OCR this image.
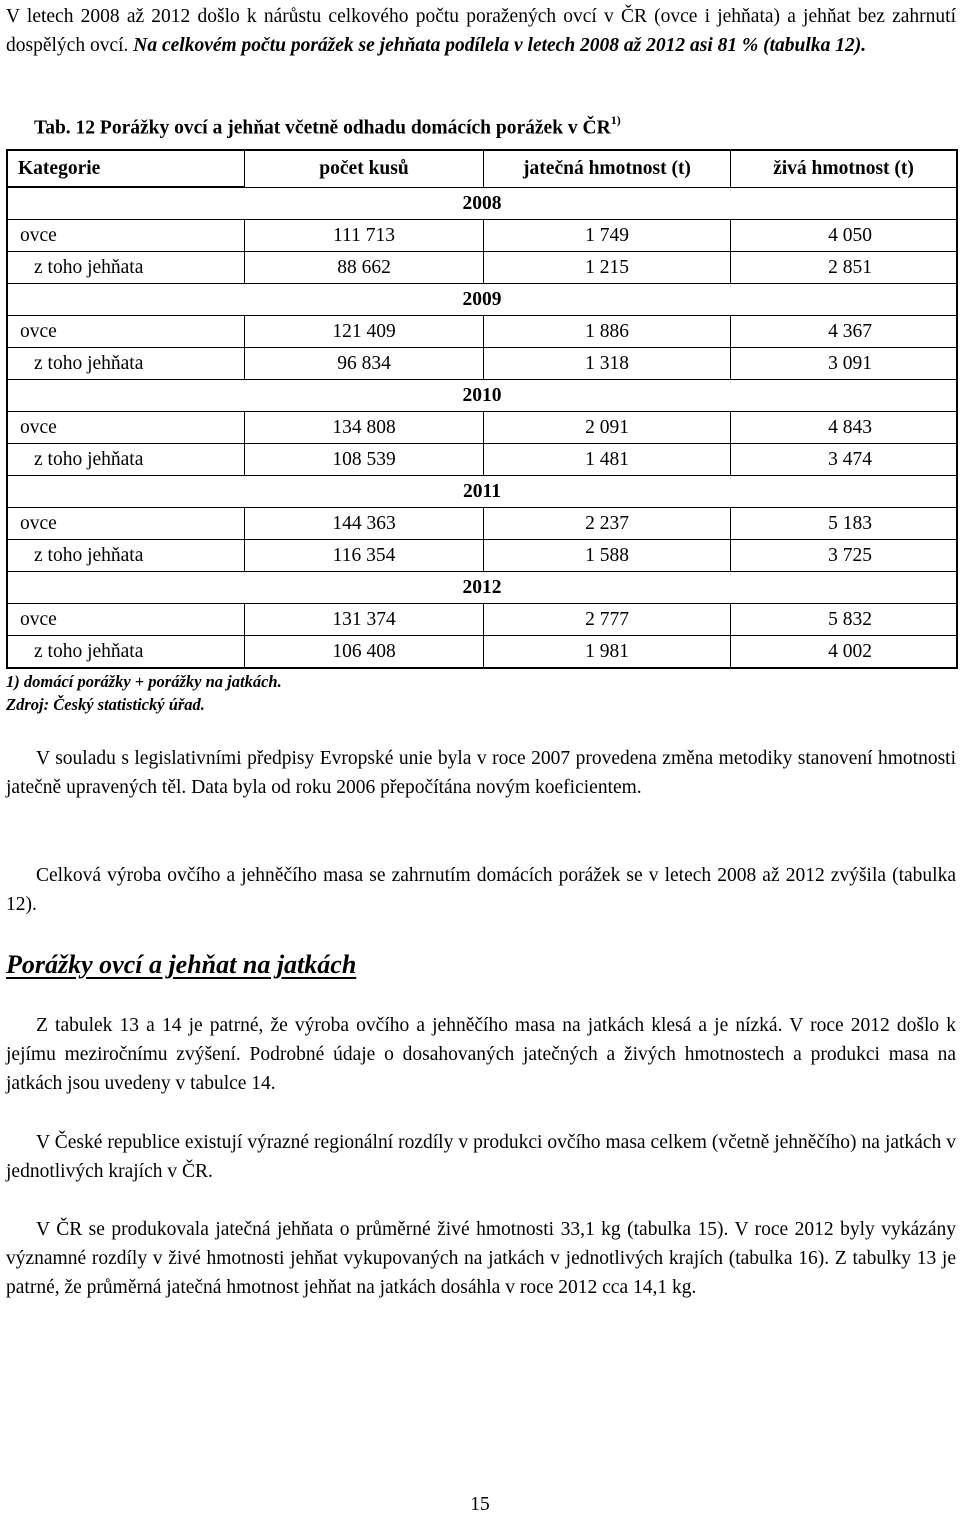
V letech 2008 až 2012 došlo k nárůstu celkového počtu poražených ovcí v ČR (ovce i jehňata) a jehňat bez zahrnutí dospělých ovcí. Na celkovém počtu porážek se jehňata podílela v letech 2008 až 2012 asi 81 % (tabulka 12).

Tab. 12 Porážky ovcí a jehňat včetně odhadu domácích porážek v ČR$^{1)}$
Kategorie	počet kusů	jatečná hmotnost (t)	živá hmotnost (t)
2008			
ovce	111 713	1 749	4 050
z toho jehňata	88 662	1 215	2 851
2009			
ovce	121 409	1 886	4 367
z toho jehňata	96 834	1 318	3 091
2010			
ovce	134 808	2 091	4 843
z toho jehňata	108 539	1 481	3 474
2011			
ovce	144 363	2 237	5 183
z toho jehňata	116 354	1 588	3 725
2012			
ovce	131 374	2 777	5 832
z toho jehňata	106 408	1 981	4 002
1) domácí porážky + porážky na jatkách.
Zdroj: Český statistický úřad.

V souladu s legislativními předpisy Evropské unie byla v roce 2007 provedena změna metodiky stanovení hmotnosti jatečně upravených těl. Data byla od roku 2006 přepočítána novým koeficientem.

Celková výroba ovčího a jehněčího masa se zahrnutím domácích porážek se v letech 2008 až 2012 zvýšila (tabulka 12).

Porážky ovcí a jehňat na jatkách

Z tabulek 13 a 14 je patrné, že výroba ovčího a jehněčího masa na jatkách klesá a je nízká. V roce 2012 došlo k jejímu meziročnímu zvýšení. Podrobné údaje o dosahovaných jatečných a živých hmotnostech a produkci masa na jatkách jsou uvedeny v tabulce 14.

V České republice existují výrazné regionální rozdíly v produkci ovčího masa celkem (včetně jehněčího) na jatkách v jednotlivých krajích v ČR.

V ČR se produkovala jatečná jehňata o průměrné živé hmotnosti 33,1 kg (tabulka 15). V roce 2012 byly vykázány významné rozdíly v živé hmotnosti jehňat vykupovaných na jatkách v jednotlivých krajích (tabulka 16). Z tabulky 13 je patrné, že průměrná jatečná hmotnost jehňat na jatkách dosáhla v roce 2012 cca 14,1 kg.

15
